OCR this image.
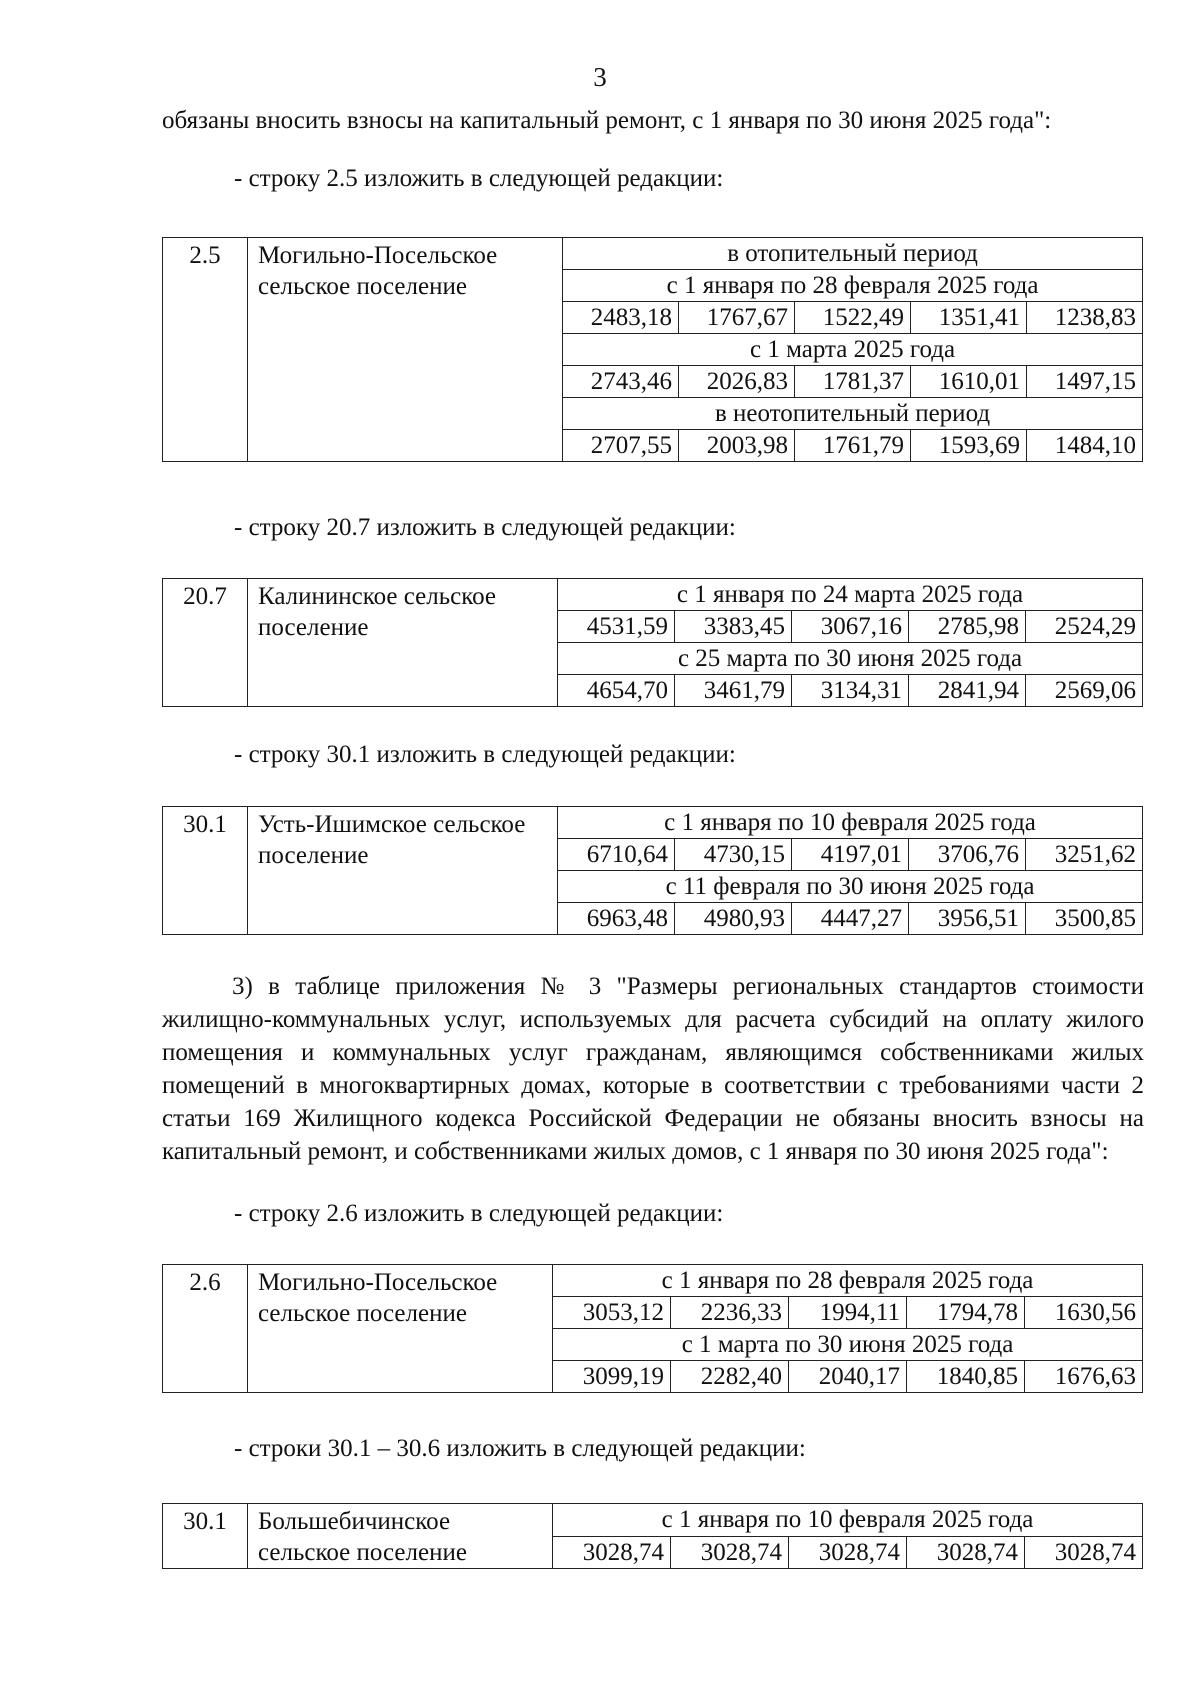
3

обязаны вносить взносы на капитальный ремонт, с 1 января по 30 июня 2025 года":

- строку 2.5 изложить в следующей редакции:

2.5	Могильно-Посельское сельское поселение	в отопительный период				
		с 1 января по 28 февраля 2025 года				
		2483,18	1767,67	1522,49	1351,41	1238,83
		с 1 марта 2025 года				
		2743,46	2026,83	1781,37	1610,01	1497,15
		в неотопительный период				
		2707,55	2003,98	1761,79	1593,69	1484,10

- строку 20.7 изложить в следующей редакции:

20.7	Калининское сельское поселение	с 1 января по 24 марта 2025 года				
		4531,59	3383,45	3067,16	2785,98	2524,29
		с 25 марта по 30 июня 2025 года				
		4654,70	3461,79	3134,31	2841,94	2569,06

- строку 30.1 изложить в следующей редакции:

30.1	Усть-Ишимское сельское поселение	с 1 января по 10 февраля 2025 года				
		6710,64	4730,15	4197,01	3706,76	3251,62
		с 11 февраля по 30 июня 2025 года				
		6963,48	4980,93	4447,27	3956,51	3500,85

3) в таблице приложения № 3 "Размеры региональных стандартов стоимости жилищно-коммунальных услуг, используемых для расчета субсидий на оплату жилого помещения и коммунальных услуг гражданам, являющимся собственниками жилых помещений в многоквартирных домах, которые в соответствии с требованиями части 2 статьи 169 Жилищного кодекса Российской Федерации не обязаны вносить взносы на капитальный ремонт, и собственниками жилых домов, с 1 января по 30 июня 2025 года":

- строку 2.6 изложить в следующей редакции:

2.6	Могильно-Посельское сельское поселение	с 1 января по 28 февраля 2025 года				
		3053,12	2236,33	1994,11	1794,78	1630,56
		с 1 марта по 30 июня 2025 года				
		3099,19	2282,40	2040,17	1840,85	1676,63

- строки 30.1 – 30.6 изложить в следующей редакции:

30.1	Большебичинское сельское поселение	с 1 января по 10 февраля 2025 года				
		3028,74	3028,74	3028,74	3028,74	3028,74
